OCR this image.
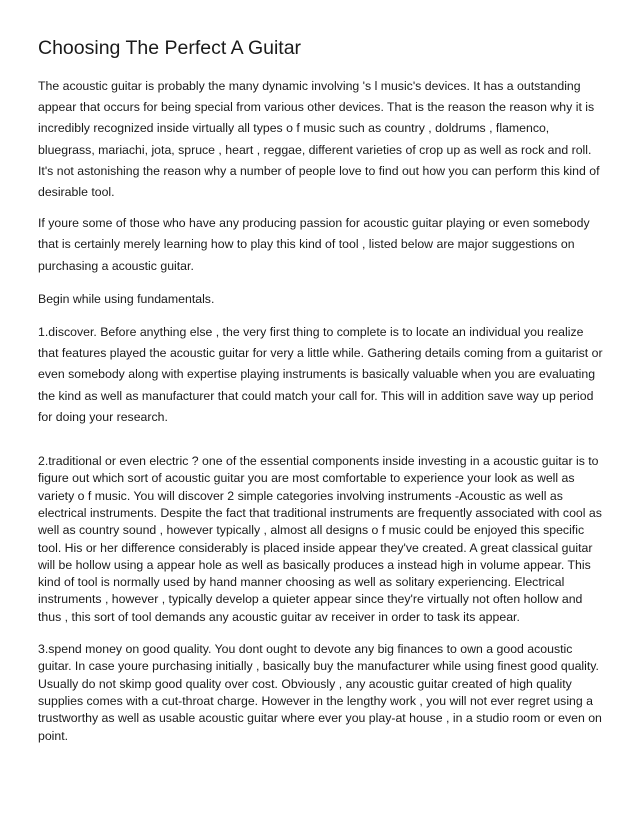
Choosing The Perfect A Guitar

The acoustic guitar is probably the many dynamic involving 's l music's devices. It has a outstanding appear that occurs for being special from various other devices. That is the reason the reason why it is incredibly recognized inside virtually all types o f music such as country , doldrums , flamenco, bluegrass, mariachi, jota, spruce , heart , reggae, different varieties of crop up as well as rock and roll. It's not astonishing the reason why a number of people love to find out how you can perform this kind of desirable tool.

If youre some of those who have any producing passion for acoustic guitar playing or even somebody that is certainly merely learning how to play this kind of tool , listed below are major suggestions on purchasing a acoustic guitar.

Begin while using fundamentals.

1.discover. Before anything else , the very first thing to complete is to locate an individual you realize that features played the acoustic guitar for very a little while. Gathering details coming from a guitarist or even somebody along with expertise playing instruments is basically valuable when you are evaluating the kind as well as manufacturer that could match your call for. This will in addition save way up period for doing your research.

2.traditional or even electric ? one of the essential components inside investing in a acoustic guitar is to figure out which sort of acoustic guitar you are most comfortable to experience your look as well as variety o f music. You will discover 2 simple categories involving instruments -Acoustic as well as electrical instruments. Despite the fact that traditional instruments are frequently associated with cool as well as country sound , however typically , almost all designs o f music could be enjoyed this specific tool. His or her difference considerably is placed inside appear they've created. A great classical guitar will be hollow using a appear hole as well as basically produces a instead high in volume appear. This kind of tool is normally used by hand manner choosing as well as solitary experiencing. Electrical instruments , however , typically develop a quieter appear since they're virtually not often hollow and thus , this sort of tool demands any acoustic guitar av receiver in order to task its appear.

3.spend money on good quality. You dont ought to devote any big finances to own a good acoustic guitar. In case youre purchasing initially , basically buy the manufacturer while using finest good quality. Usually do not skimp good quality over cost. Obviously , any acoustic guitar created of high quality supplies comes with a cut-throat charge. However in the lengthy work , you will not ever regret using a trustworthy as well as usable acoustic guitar where ever you play-at house , in a studio room or even on point.
